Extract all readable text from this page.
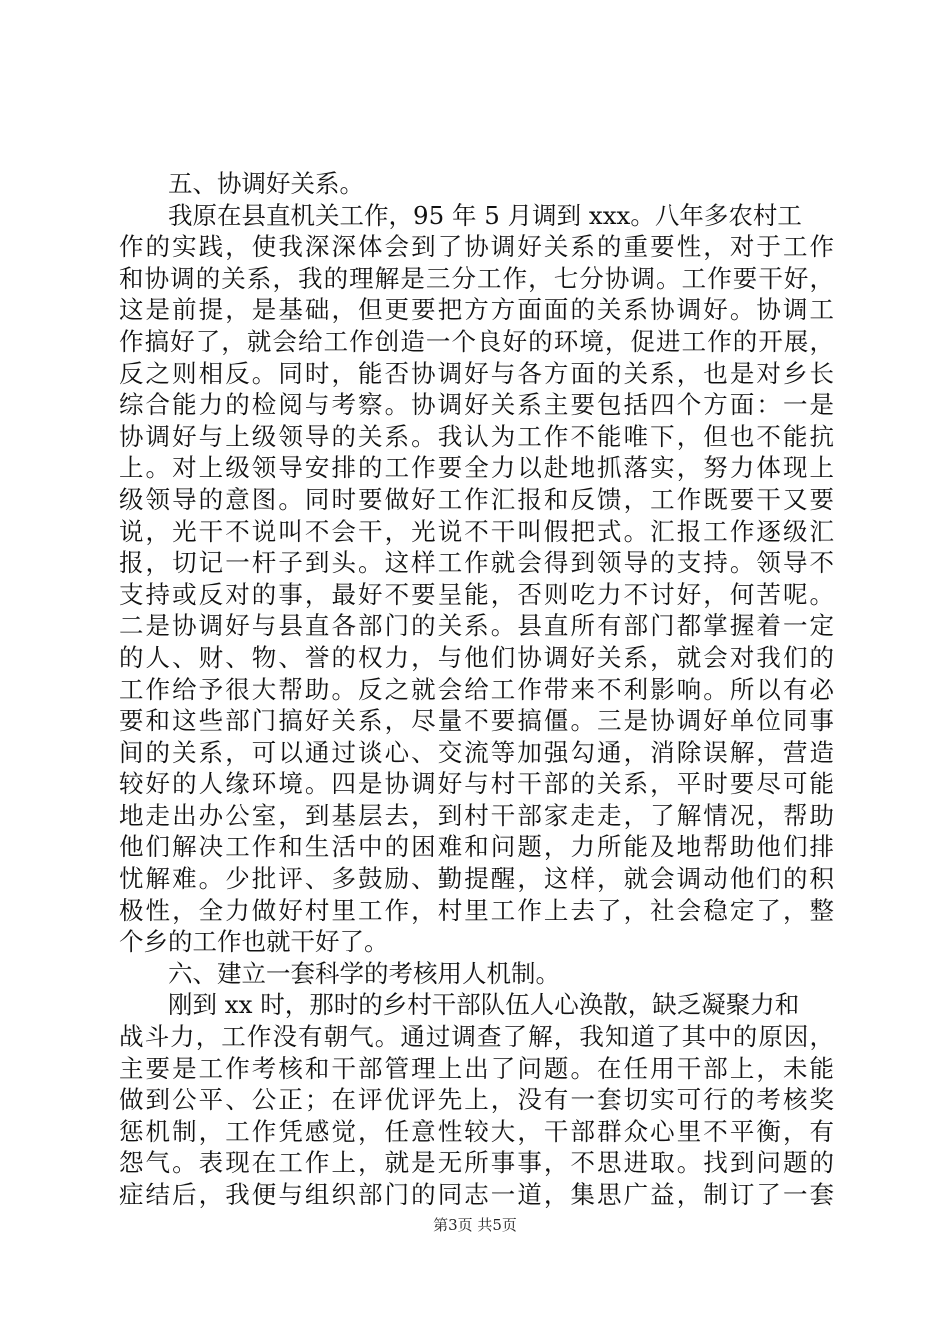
五、协调好关系。
我原在县直机关工作，95 年 5 月调到 xxx。八年多农村工
作的实践，使我深深体会到了协调好关系的重要性，对于工作
和协调的关系，我的理解是三分工作，七分协调。工作要干好，
这是前提，是基础，但更要把方方面面的关系协调好。协调工
作搞好了，就会给工作创造一个良好的环境，促进工作的开展，
反之则相反。同时，能否协调好与各方面的关系，也是对乡长
综合能力的检阅与考察。协调好关系主要包括四个方面：一是
协调好与上级领导的关系。我认为工作不能唯下，但也不能抗
上。对上级领导安排的工作要全力以赴地抓落实，努力体现上
级领导的意图。同时要做好工作汇报和反馈，工作既要干又要
说，光干不说叫不会干，光说不干叫假把式。汇报工作逐级汇
报，切记一杆子到头。这样工作就会得到领导的支持。领导不
支持或反对的事，最好不要呈能，否则吃力不讨好，何苦呢。
二是协调好与县直各部门的关系。县直所有部门都掌握着一定
的人、财、物、誉的权力，与他们协调好关系，就会对我们的
工作给予很大帮助。反之就会给工作带来不利影响。所以有必
要和这些部门搞好关系，尽量不要搞僵。三是协调好单位同事
间的关系，可以通过谈心、交流等加强勾通，消除误解，营造
较好的人缘环境。四是协调好与村干部的关系，平时要尽可能
地走出办公室，到基层去，到村干部家走走，了解情况，帮助
他们解决工作和生活中的困难和问题，力所能及地帮助他们排
忧解难。少批评、多鼓励、勤提醒，这样，就会调动他们的积
极性，全力做好村里工作，村里工作上去了，社会稳定了，整
个乡的工作也就干好了。
六、建立一套科学的考核用人机制。
刚到 xx 时，那时的乡村干部队伍人心涣散，缺乏凝聚力和
战斗力，工作没有朝气。通过调查了解，我知道了其中的原因，
主要是工作考核和干部管理上出了问题。在任用干部上，未能
做到公平、公正；在评优评先上，没有一套切实可行的考核奖
惩机制，工作凭感觉，任意性较大，干部群众心里不平衡，有
怨气。表现在工作上，就是无所事事，不思进取。找到问题的
症结后，我便与组织部门的同志一道，集思广益，制订了一套
第3页 共5页
